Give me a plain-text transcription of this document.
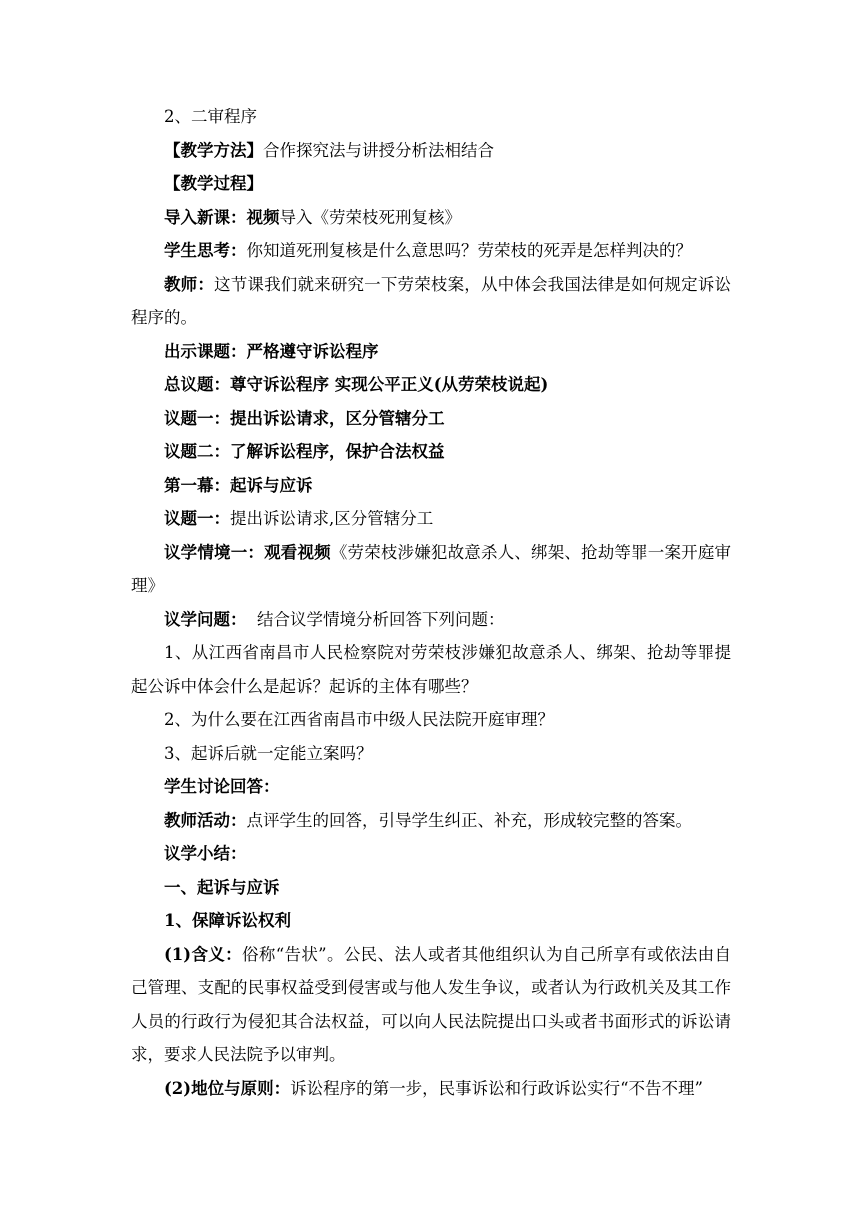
2、二审程序

【教学方法】合作探究法与讲授分析法相结合

【教学过程】

导入新课：视频导入《劳荣枝死刑复核》

学生思考：你知道死刑复核是什么意思吗？劳荣枝的死弄是怎样判决的？

教师：这节课我们就来研究一下劳荣枝案，从中体会我国法律是如何规定诉讼程序的。

出示课题：严格遵守诉讼程序

总议题：尊守诉讼程序 实现公平正义(从劳荣枝说起)

议题一：提出诉讼请求，区分管辖分工

议题二：了解诉讼程序，保护合法权益

第一幕：起诉与应诉

议题一：提出诉讼请求,区分管辖分工

议学情境一：观看视频《劳荣枝涉嫌犯故意杀人、绑架、抢劫等罪一案开庭审理》

议学问题：  结合议学情境分析回答下列问题：

1、从江西省南昌市人民检察院对劳荣枝涉嫌犯故意杀人、绑架、抢劫等罪提起公诉中体会什么是起诉？起诉的主体有哪些？

2、为什么要在江西省南昌市中级人民法院开庭审理？

3、起诉后就一定能立案吗？

学生讨论回答：

教师活动：点评学生的回答，引导学生纠正、补充，形成较完整的答案。

议学小结：

一、起诉与应诉

1、保障诉讼权利

(1)含义：俗称“告状”。公民、法人或者其他组织认为自己所享有或依法由自己管理、支配的民事权益受到侵害或与他人发生争议，或者认为行政机关及其工作人员的行政行为侵犯其合法权益，可以向人民法院提出口头或者书面形式的诉讼请求，要求人民法院予以审判。

(2)地位与原则：诉讼程序的第一步，民事诉讼和行政诉讼实行“不告不理”
